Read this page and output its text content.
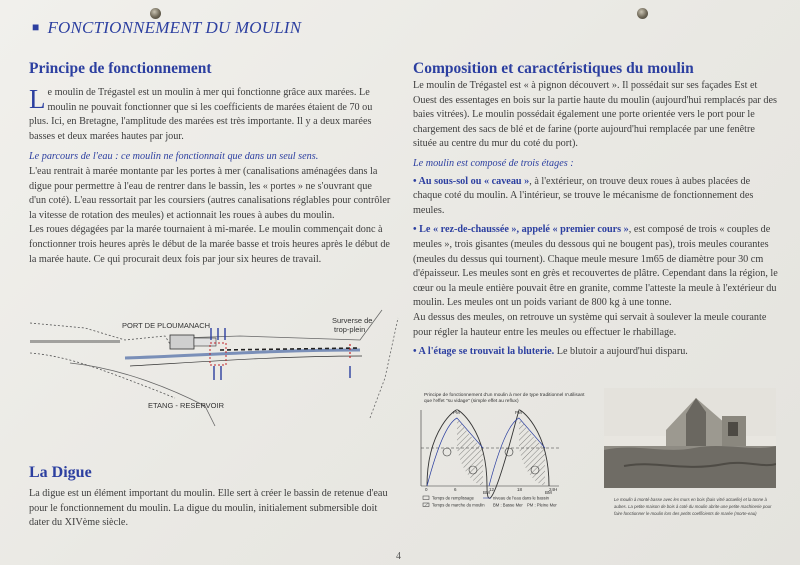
■ FONCTIONNEMENT DU MOULIN
Principe de fonctionnement

Le moulin de Trégastel est un moulin à mer qui fonctionne grâce aux marées. Le moulin ne pouvait fonctionner que si les coefficients de marées étaient de 70 ou plus. Ici, en Bretagne, l'amplitude des marées est très importante. Il y a deux marées basses et deux marées hautes par jour.

Le parcours de l'eau : ce moulin ne fonctionnait que dans un seul sens.

L'eau rentrait à marée montante par les portes à mer (canalisations aménagées dans la digue pour permettre à l'eau de rentrer dans le bassin, les « portes » ne s'ouvrant que d'un coté). L'eau ressortait par les coursiers (autres canalisations réglables pour contrôler la vitesse de rotation des meules) et actionnait les roues à aubes du moulin.

Les roues dégagées par la marée tournaient à mi-marée. Le moulin commençait donc à fonctionner trois heures après le début de la marée basse et trois heures après le début de la marée haute. Ce qui procurait deux fois par jour six heures de travail.

PORT DE PLOUMANACH
Surverse de
trop-plein
ETANG - RESERVOIR
La Digue
La digue est un élément important du moulin. Elle sert à créer le bassin de retenue d'eau pour le fonctionnement du moulin. La digue du moulin, initialement submersible doit dater du XIVème siècle.
Composition et caractéristiques du moulin

Le moulin de Trégastel est « à pignon découvert ». Il possédait sur ses façades Est et Ouest des essentages en bois sur la partie haute du moulin (aujourd'hui remplacés par des baies vitrées). Le moulin possédait également une porte orientée vers le port pour le chargement des sacs de blé et de farine (porte aujourd'hui remplacée par une fenêtre située au centre du mur du coté du port).

Le moulin est composé de trois étages :

• Au sous-sol ou « caveau », à l'extérieur, on trouve deux roues à aubes placées de chaque coté du moulin. A l'intérieur, se trouve le mécanisme de fonctionnement des meules.

• Le « rez-de-chaussée », appelé « premier cours », est composé de trois « couples de meules », trois gisantes (meules du dessous qui ne bougent pas), trois meules courantes (meules du dessus qui tournent). Chaque meule mesure 1m65 de diamètre pour 30 cm d'épaisseur. Les meules sont en grès et recouvertes de plâtre. Cependant dans la région, le cœur ou la meule entière pouvait être en granite, comme l'atteste la meule à l'extérieur du moulin. Les meules ont un poids variant de 800 kg à une tonne.

Au dessus des meules, on retrouve un système qui servait à soulever la meule courante pour régler la hauteur entre les meules ou effectuer le rhabillage.

• A l'étage se trouvait la bluterie. Le blutoir a aujourd'hui disparu.

Principe de fonctionnement d'un moulin à mer de type traditionnel n'utilisant
que l'effet "su vidage" (simple effet au reflux)
PM	PM
BM	BM
0	6	12	18	24H
Temps de remplissage
Temps de marche du moulin
niveau de l'eau dans le bassin
BM : Basse Mer PM : Pleine Mer
Le moulin à monté basse avec les murs en bois (bais vitré actuelle) et la tonne à
aubes. La petite maison de bois à coté du moulin abrite une petite machinerie pour
faire fonctionner le moulin lors des petits coefficients de marée (morte-eau)
4
